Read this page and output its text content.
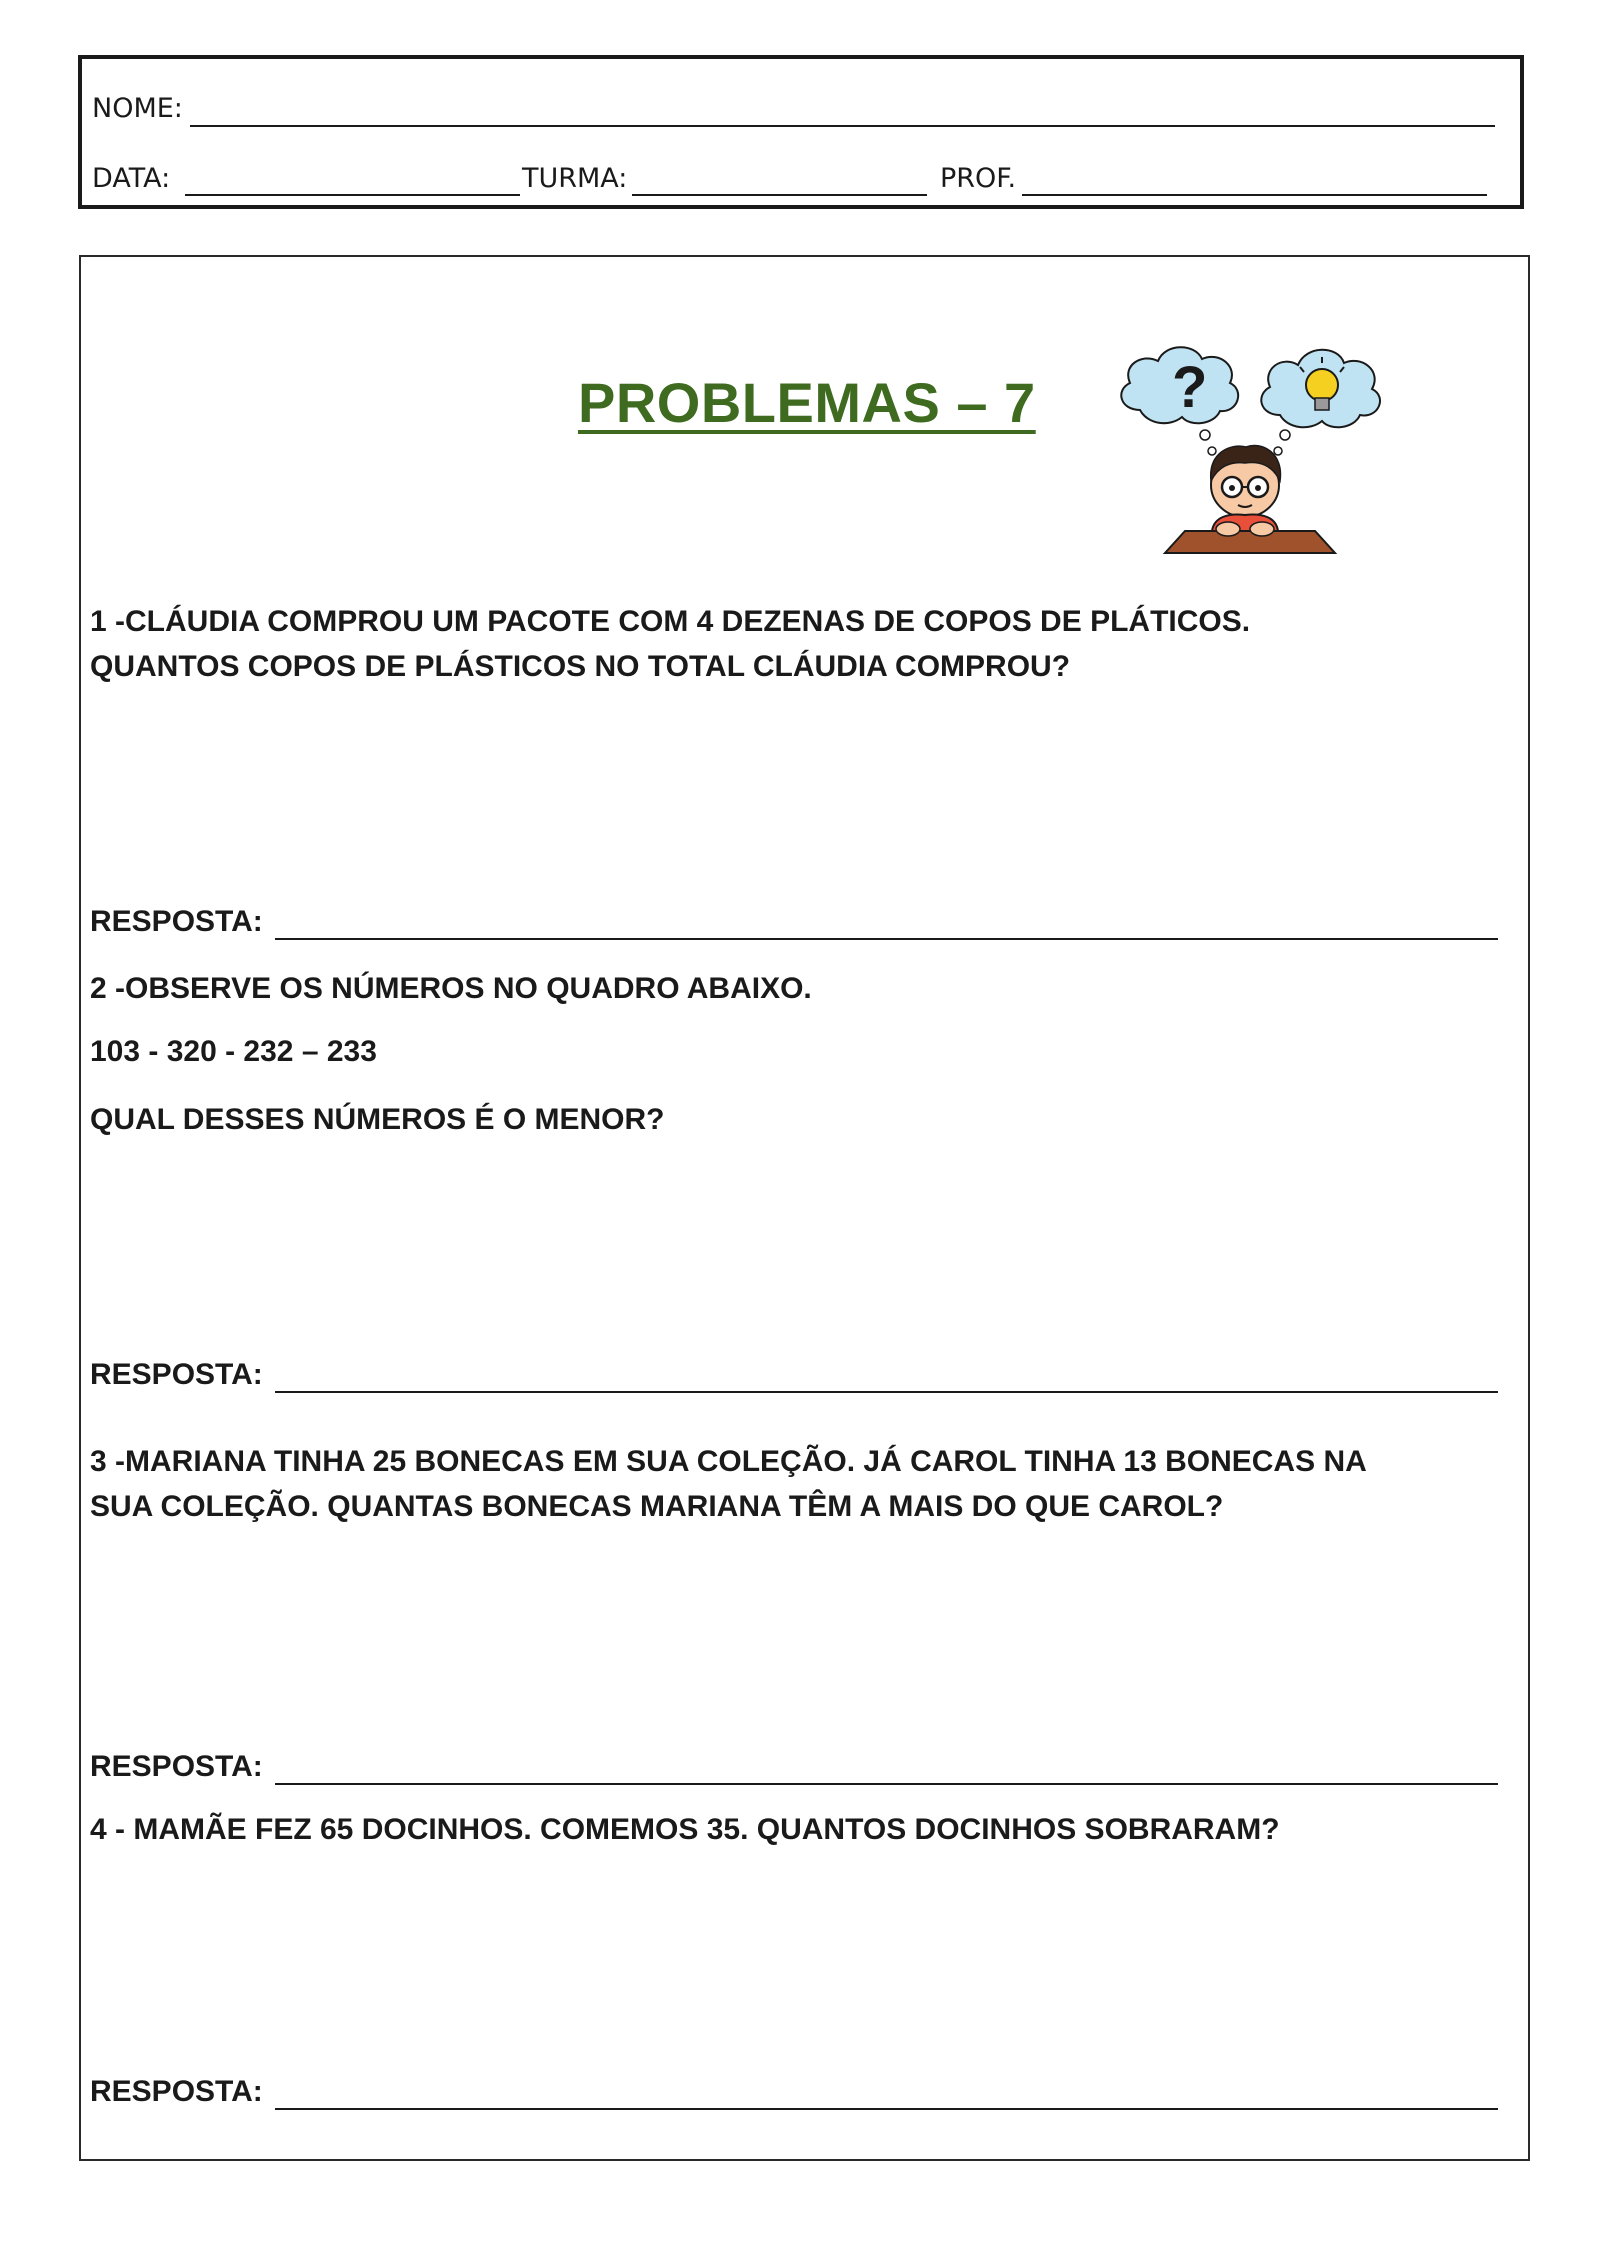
NOME:
DATA:	TURMA:	PROF.
PROBLEMAS – 7 ?
1 -CLÁUDIA COMPROU UM PACOTE COM 4 DEZENAS DE COPOS DE PLÁTICOS.
QUANTOS COPOS DE PLÁSTICOS NO TOTAL CLÁUDIA COMPROU?
RESPOSTA:
2 -OBSERVE OS NÚMEROS NO QUADRO ABAIXO.
103 - 320 - 232 – 233
QUAL DESSES NÚMEROS É O MENOR?
RESPOSTA:
3 -MARIANA TINHA 25 BONECAS EM SUA COLEÇÃO. JÁ CAROL TINHA 13 BONECAS NA
SUA COLEÇÃO. QUANTAS BONECAS MARIANA TÊM A MAIS DO QUE CAROL?
RESPOSTA:
4 - MAMÃE FEZ 65 DOCINHOS. COMEMOS 35. QUANTOS DOCINHOS SOBRARAM?
RESPOSTA:
